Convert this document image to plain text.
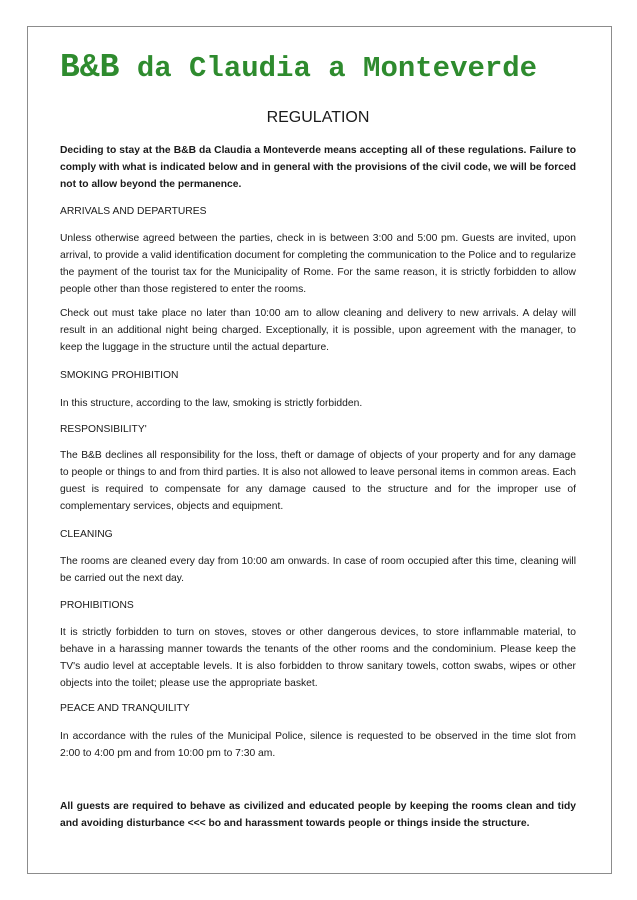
B&B da Claudia a Monteverde
REGULATION

Deciding to stay at the B&B da Claudia a Monteverde means accepting all of these regulations. Failure to comply with what is indicated below and in general with the provisions of the civil code, we will be forced not to allow beyond the permanence.

ARRIVALS AND DEPARTURES

Unless otherwise agreed between the parties, check in is between 3:00 and 5:00 pm. Guests are invited, upon arrival, to provide a valid identification document for completing the communication to the Police and to regularize the payment of the tourist tax for the Municipality of Rome. For the same reason, it is strictly forbidden to allow people other than those registered to enter the rooms.

Check out must take place no later than 10:00 am to allow cleaning and delivery to new arrivals. A delay will result in an additional night being charged. Exceptionally, it is possible, upon agreement with the manager, to keep the luggage in the structure until the actual departure.

SMOKING PROHIBITION

In this structure, according to the law, smoking is strictly forbidden.

RESPONSIBILITY'

The B&B declines all responsibility for the loss, theft or damage of objects of your property and for any damage to people or things to and from third parties. It is also not allowed to leave personal items in common areas. Each guest is required to compensate for any damage caused to the structure and for the improper use of complementary services, objects and equipment.

CLEANING

The rooms are cleaned every day from 10:00 am onwards. In case of room occupied after this time, cleaning will be carried out the next day.

PROHIBITIONS

It is strictly forbidden to turn on stoves, stoves or other dangerous devices, to store inflammable material, to behave in a harassing manner towards the tenants of the other rooms and the condominium. Please keep the TV's audio level at acceptable levels. It is also forbidden to throw sanitary towels, cotton swabs, wipes or other objects into the toilet; please use the appropriate basket.

PEACE AND TRANQUILITY

In accordance with the rules of the Municipal Police, silence is requested to be observed in the time slot from 2:00 to 4:00 pm and from 10:00 pm to 7:30 am.

All guests are required to behave as civilized and educated people by keeping the rooms clean and tidy and avoiding disturbance <<< bo and harassment towards people or things inside the structure.
